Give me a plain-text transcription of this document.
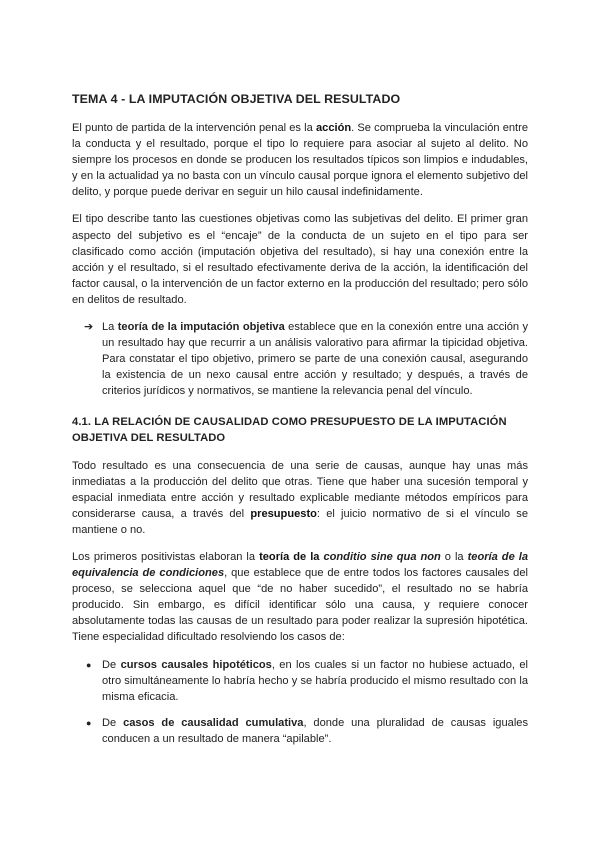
TEMA 4 - LA IMPUTACIÓN OBJETIVA DEL RESULTADO
El punto de partida de la intervención penal es la acción. Se comprueba la vinculación entre la conducta y el resultado, porque el tipo lo requiere para asociar al sujeto al delito. No siempre los procesos en donde se producen los resultados típicos son limpios e indudables, y en la actualidad ya no basta con un vínculo causal porque ignora el elemento subjetivo del delito, y porque puede derivar en seguir un hilo causal indefinidamente.
El tipo describe tanto las cuestiones objetivas como las subjetivas del delito. El primer gran aspecto del subjetivo es el “encaje” de la conducta de un sujeto en el tipo para ser clasificado como acción (imputación objetiva del resultado), si hay una conexión entre la acción y el resultado, si el resultado efectivamente deriva de la acción, la identificación del factor causal, o la intervención de un factor externo en la producción del resultado; pero sólo en delitos de resultado.
➔ La teoría de la imputación objetiva establece que en la conexión entre una acción y un resultado hay que recurrir a un análisis valorativo para afirmar la tipicidad objetiva. Para constatar el tipo objetivo, primero se parte de una conexión causal, asegurando la existencia de un nexo causal entre acción y resultado; y después, a través de criterios jurídicos y normativos, se mantiene la relevancia penal del vínculo.
4.1. LA RELACIÓN DE CAUSALIDAD COMO PRESUPUESTO DE LA IMPUTACIÓN OBJETIVA DEL RESULTADO
Todo resultado es una consecuencia de una serie de causas, aunque hay unas más inmediatas a la producción del delito que otras. Tiene que haber una sucesión temporal y espacial inmediata entre acción y resultado explicable mediante métodos empíricos para considerarse causa, a través del presupuesto: el juicio normativo de si el vínculo se mantiene o no.
Los primeros positivistas elaboran la teoría de la conditio sine qua non o la teoría de la equivalencia de condiciones, que establece que de entre todos los factores causales del proceso, se selecciona aquel que “de no haber sucedido”, el resultado no se habría producido. Sin embargo, es difícil identificar sólo una causa, y requiere conocer absolutamente todas las causas de un resultado para poder realizar la supresión hipotética. Tiene especialidad dificultado resolviendo los casos de:
● De cursos causales hipotéticos, en los cuales si un factor no hubiese actuado, el otro simultáneamente lo habría hecho y se habría producido el mismo resultado con la misma eficacia.
● De casos de causalidad cumulativa, donde una pluralidad de causas iguales conducen a un resultado de manera “apilable”.
